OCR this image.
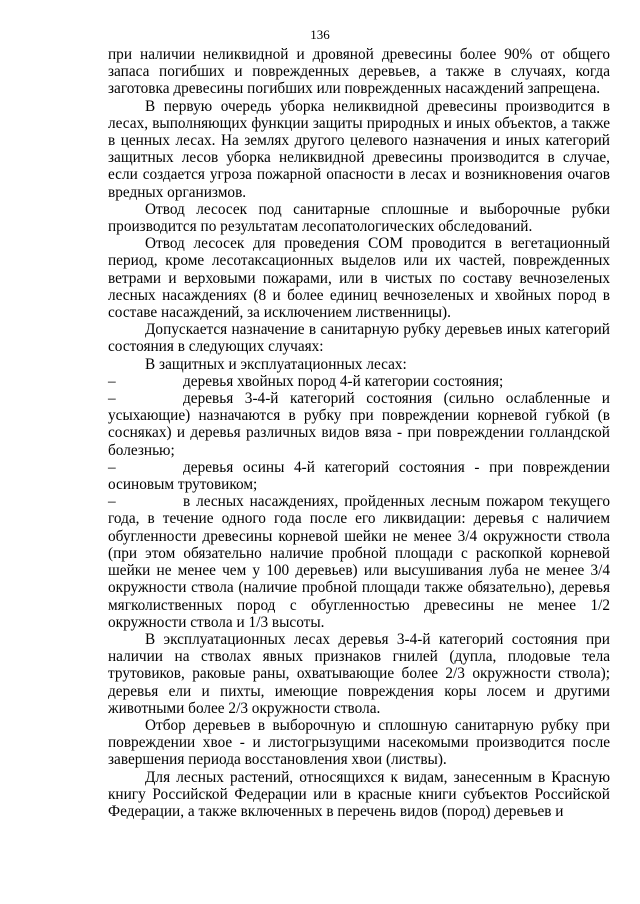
136

при наличии неликвидной и дровяной древесины более 90% от общего запаса погибших и поврежденных деревьев, а также в случаях, когда заготовка древесины погибших или поврежденных насаждений запрещена.

В первую очередь уборка неликвидной древесины производится в лесах, выполняющих функции защиты природных и иных объектов, а также в ценных лесах. На землях другого целевого назначения и иных категорий защитных лесов уборка неликвидной древесины производится в случае, если создается угроза пожарной опасности в лесах и возникновения очагов вредных организмов.

Отвод лесосек под санитарные сплошные и выборочные рубки производится по результатам лесопатологических обследований.

Отвод лесосек для проведения СОМ проводится в вегетационный период, кроме лесотаксационных выделов или их частей, поврежденных ветрами и верховыми пожарами, или в чистых по составу вечнозеленых лесных насаждениях (8 и более единиц вечнозеленых и хвойных пород в составе насаждений, за исключением лиственницы).

Допускается назначение в санитарную рубку деревьев иных категорий состояния в следующих случаях:

В защитных и эксплуатационных лесах:

–	деревья хвойных пород 4-й категории состояния;

–	деревья 3-4-й категорий состояния (сильно ослабленные и усыхающие) назначаются в рубку при повреждении корневой губкой (в сосняках) и деревья различных видов вяза - при повреждении голландской болезнью;

–	деревья осины 4-й категорий состояния - при повреждении осиновым трутовиком;

–	в лесных насаждениях, пройденных лесным пожаром текущего года, в течение одного года после его ликвидации: деревья с наличием обугленности древесины корневой шейки не менее 3/4 окружности ствола (при этом обязательно наличие пробной площади с раскопкой корневой шейки не менее чем у 100 деревьев) или высушивания луба не менее 3/4 окружности ствола (наличие пробной площади также обязательно), деревья мягколиственных пород с обугленностью древесины не менее 1/2 окружности ствола и 1/3 высоты.

В эксплуатационных лесах деревья 3-4-й категорий состояния при наличии на стволах явных признаков гнилей (дупла, плодовые тела трутовиков, раковые раны, охватывающие более 2/3 окружности ствола); деревья ели и пихты, имеющие повреждения коры лосем и другими животными более 2/3 окружности ствола.

Отбор деревьев в выборочную и сплошную санитарную рубку при повреждении хвое - и листогрызущими насекомыми производится после завершения периода восстановления хвои (листвы).

Для лесных растений, относящихся к видам, занесенным в Красную книгу Российской Федерации или в красные книги субъектов Российской Федерации, а также включенных в перечень видов (пород) деревьев и
